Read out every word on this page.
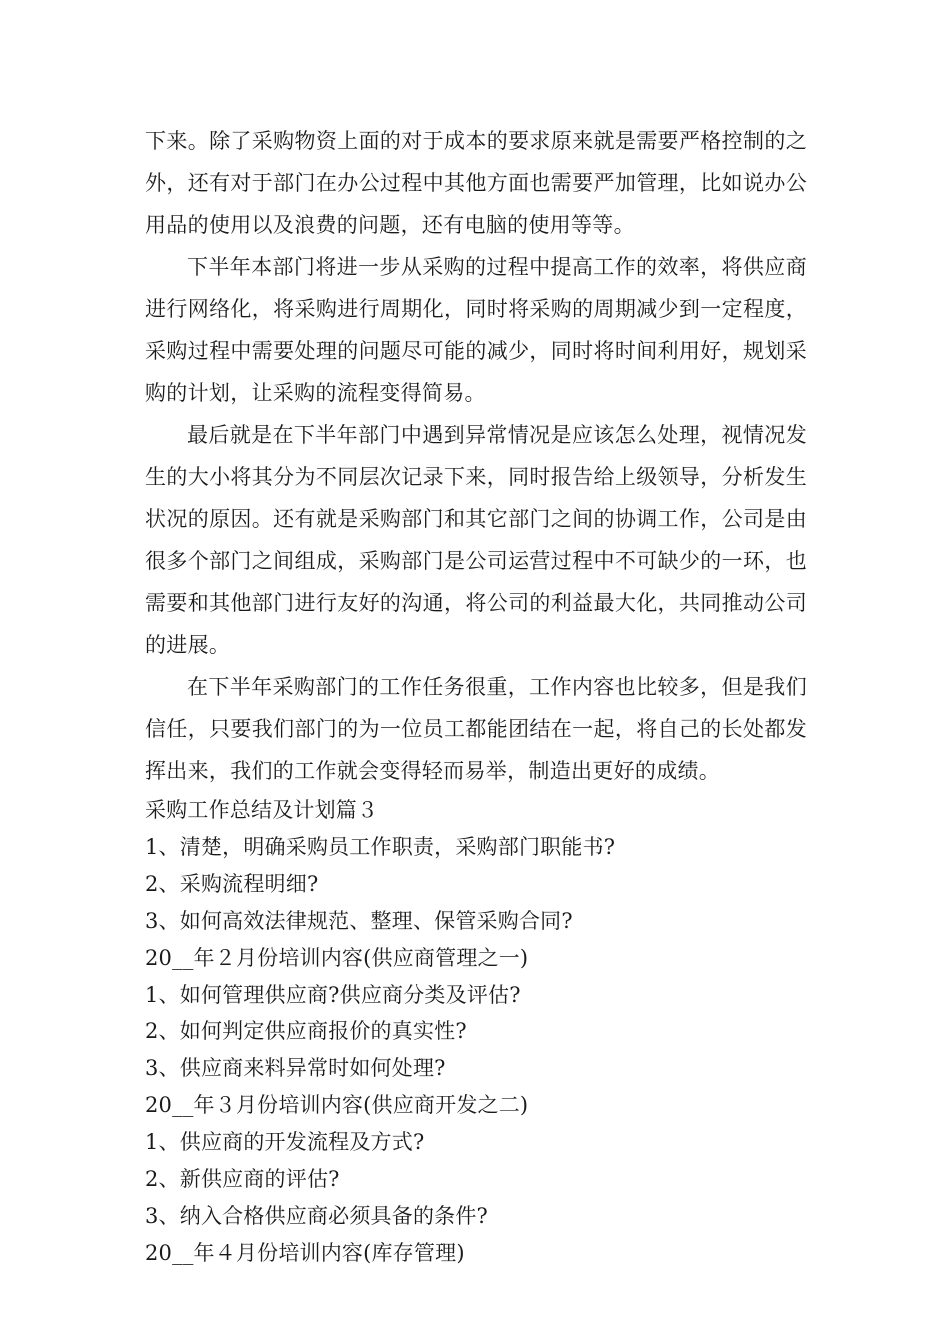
下来。除了采购物资上面的对于成本的要求原来就是需要严格控制的之外，还有对于部门在办公过程中其他方面也需要严加管理，比如说办公用品的使用以及浪费的问题，还有电脑的使用等等。

下半年本部门将进一步从采购的过程中提高工作的效率，将供应商进行网络化，将采购进行周期化，同时将采购的周期减少到一定程度，采购过程中需要处理的问题尽可能的减少，同时将时间利用好，规划采购的计划，让采购的流程变得简易。

最后就是在下半年部门中遇到异常情况是应该怎么处理，视情况发生的大小将其分为不同层次记录下来，同时报告给上级领导，分析发生状况的原因。还有就是采购部门和其它部门之间的协调工作，公司是由很多个部门之间组成，采购部门是公司运营过程中不可缺少的一环，也需要和其他部门进行友好的沟通，将公司的利益最大化，共同推动公司的进展。

在下半年采购部门的工作任务很重，工作内容也比较多，但是我们信任，只要我们部门的为一位员工都能团结在一起，将自己的长处都发挥出来，我们的工作就会变得轻而易举，制造出更好的成绩。

采购工作总结及计划篇３

1、清楚，明确采购员工作职责，采购部门职能书?

2、采购流程明细?

3、如何高效法律规范、整理、保管采购合同?

20__年２月份培训内容(供应商管理之一)

1、如何管理供应商?供应商分类及评估?

2、如何判定供应商报价的真实性?

3、供应商来料异常时如何处理?

20__年３月份培训内容(供应商开发之二)

1、供应商的开发流程及方式?

2、新供应商的评估?

3、纳入合格供应商必须具备的条件?

20__年４月份培训内容(库存管理)
